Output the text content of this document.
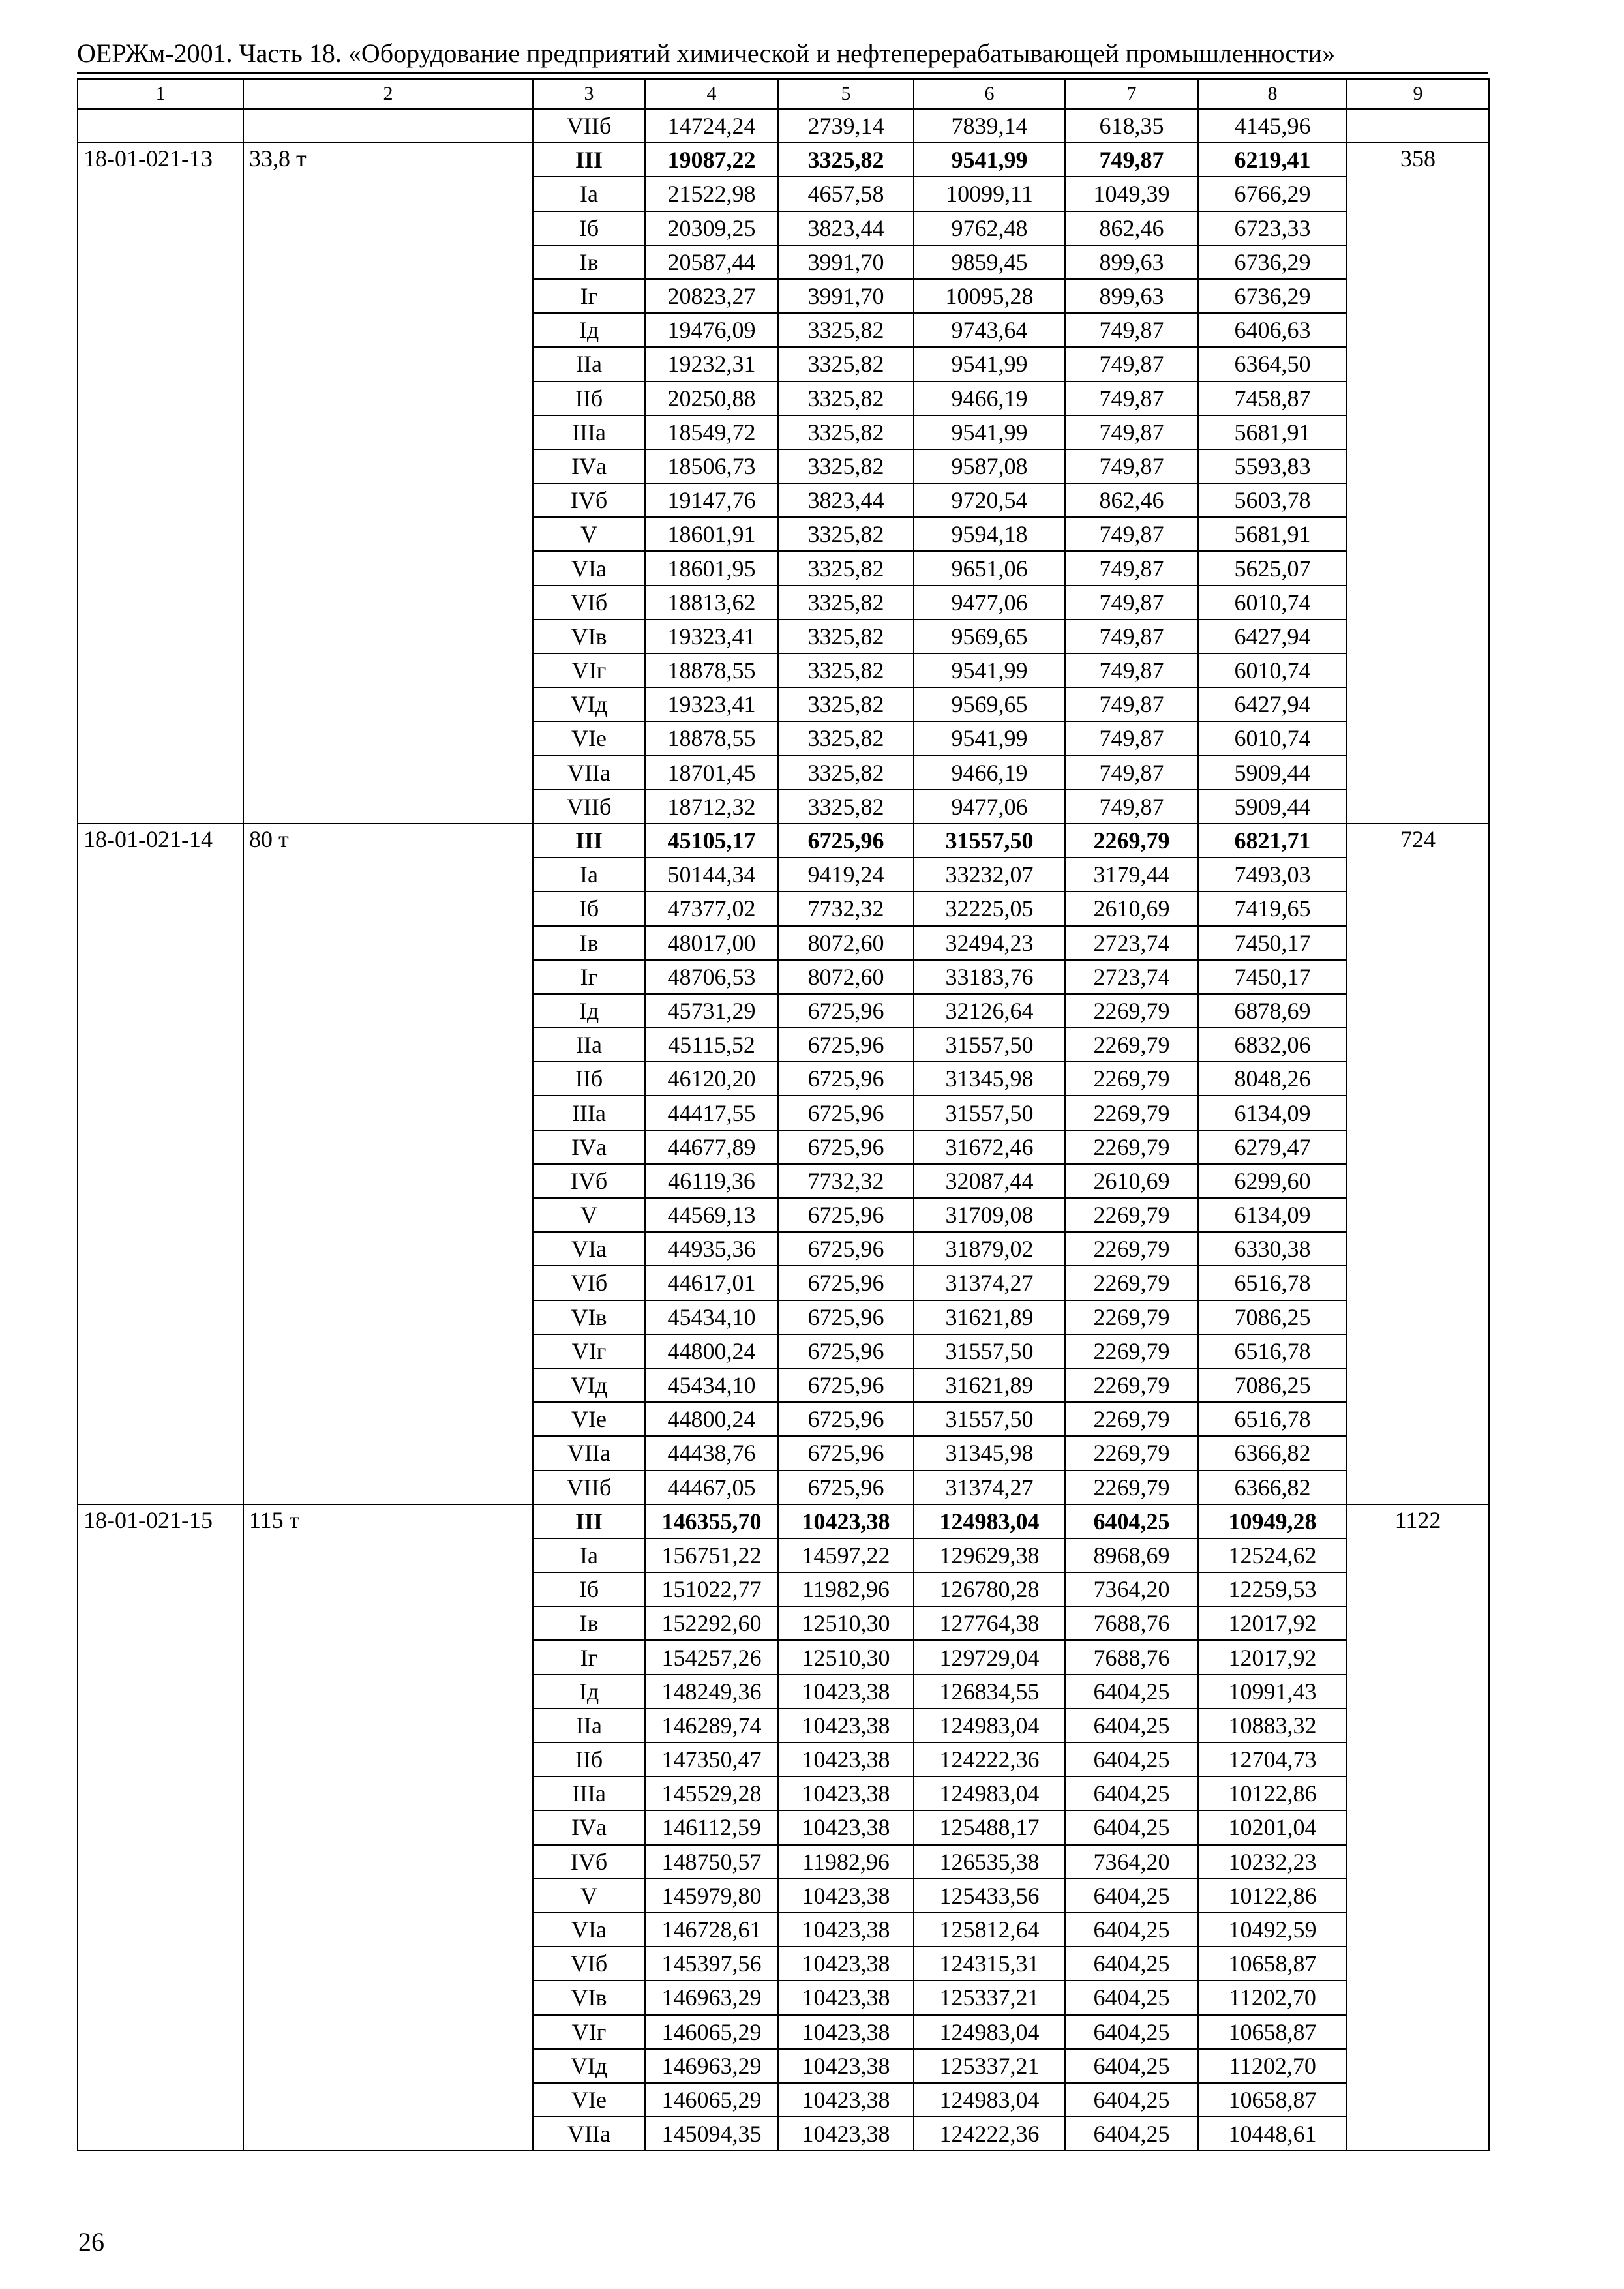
ОЕРЖм-2001. Часть 18. «Оборудование предприятий химической и нефтеперерабатывающей промышленности»
1	2	3	4	5	6	7	8	9
		VIIб	14724,24	2739,14	7839,14	618,35	4145,96	
18-01-021-13	33,8 т	III	19087,22	3325,82	9541,99	749,87	6219,41	358
		Iа	21522,98	4657,58	10099,11	1049,39	6766,29	
		Iб	20309,25	3823,44	9762,48	862,46	6723,33	
		Iв	20587,44	3991,70	9859,45	899,63	6736,29	
		Iг	20823,27	3991,70	10095,28	899,63	6736,29	
		Iд	19476,09	3325,82	9743,64	749,87	6406,63	
		IIа	19232,31	3325,82	9541,99	749,87	6364,50	
		IIб	20250,88	3325,82	9466,19	749,87	7458,87	
		IIIа	18549,72	3325,82	9541,99	749,87	5681,91	
		IVа	18506,73	3325,82	9587,08	749,87	5593,83	
		IVб	19147,76	3823,44	9720,54	862,46	5603,78	
		V	18601,91	3325,82	9594,18	749,87	5681,91	
		VIа	18601,95	3325,82	9651,06	749,87	5625,07	
		VIб	18813,62	3325,82	9477,06	749,87	6010,74	
		VIв	19323,41	3325,82	9569,65	749,87	6427,94	
		VIг	18878,55	3325,82	9541,99	749,87	6010,74	
		VIд	19323,41	3325,82	9569,65	749,87	6427,94	
		VIе	18878,55	3325,82	9541,99	749,87	6010,74	
		VIIа	18701,45	3325,82	9466,19	749,87	5909,44	
		VIIб	18712,32	3325,82	9477,06	749,87	5909,44	
18-01-021-14	80 т	III	45105,17	6725,96	31557,50	2269,79	6821,71	724
		Iа	50144,34	9419,24	33232,07	3179,44	7493,03	
		Iб	47377,02	7732,32	32225,05	2610,69	7419,65	
		Iв	48017,00	8072,60	32494,23	2723,74	7450,17	
		Iг	48706,53	8072,60	33183,76	2723,74	7450,17	
		Iд	45731,29	6725,96	32126,64	2269,79	6878,69	
		IIа	45115,52	6725,96	31557,50	2269,79	6832,06	
		IIб	46120,20	6725,96	31345,98	2269,79	8048,26	
		IIIа	44417,55	6725,96	31557,50	2269,79	6134,09	
		IVа	44677,89	6725,96	31672,46	2269,79	6279,47	
		IVб	46119,36	7732,32	32087,44	2610,69	6299,60	
		V	44569,13	6725,96	31709,08	2269,79	6134,09	
		VIа	44935,36	6725,96	31879,02	2269,79	6330,38	
		VIб	44617,01	6725,96	31374,27	2269,79	6516,78	
		VIв	45434,10	6725,96	31621,89	2269,79	7086,25	
		VIг	44800,24	6725,96	31557,50	2269,79	6516,78	
		VIд	45434,10	6725,96	31621,89	2269,79	7086,25	
		VIе	44800,24	6725,96	31557,50	2269,79	6516,78	
		VIIа	44438,76	6725,96	31345,98	2269,79	6366,82	
		VIIб	44467,05	6725,96	31374,27	2269,79	6366,82	
18-01-021-15	115 т	III	146355,70	10423,38	124983,04	6404,25	10949,28	1122
		Iа	156751,22	14597,22	129629,38	8968,69	12524,62	
		Iб	151022,77	11982,96	126780,28	7364,20	12259,53	
		Iв	152292,60	12510,30	127764,38	7688,76	12017,92	
		Iг	154257,26	12510,30	129729,04	7688,76	12017,92	
		Iд	148249,36	10423,38	126834,55	6404,25	10991,43	
		IIа	146289,74	10423,38	124983,04	6404,25	10883,32	
		IIб	147350,47	10423,38	124222,36	6404,25	12704,73	
		IIIа	145529,28	10423,38	124983,04	6404,25	10122,86	
		IVа	146112,59	10423,38	125488,17	6404,25	10201,04	
		IVб	148750,57	11982,96	126535,38	7364,20	10232,23	
		V	145979,80	10423,38	125433,56	6404,25	10122,86	
		VIа	146728,61	10423,38	125812,64	6404,25	10492,59	
		VIб	145397,56	10423,38	124315,31	6404,25	10658,87	
		VIв	146963,29	10423,38	125337,21	6404,25	11202,70	
		VIг	146065,29	10423,38	124983,04	6404,25	10658,87	
		VIд	146963,29	10423,38	125337,21	6404,25	11202,70	
		VIе	146065,29	10423,38	124983,04	6404,25	10658,87	
		VIIа	145094,35	10423,38	124222,36	6404,25	10448,61	
26
